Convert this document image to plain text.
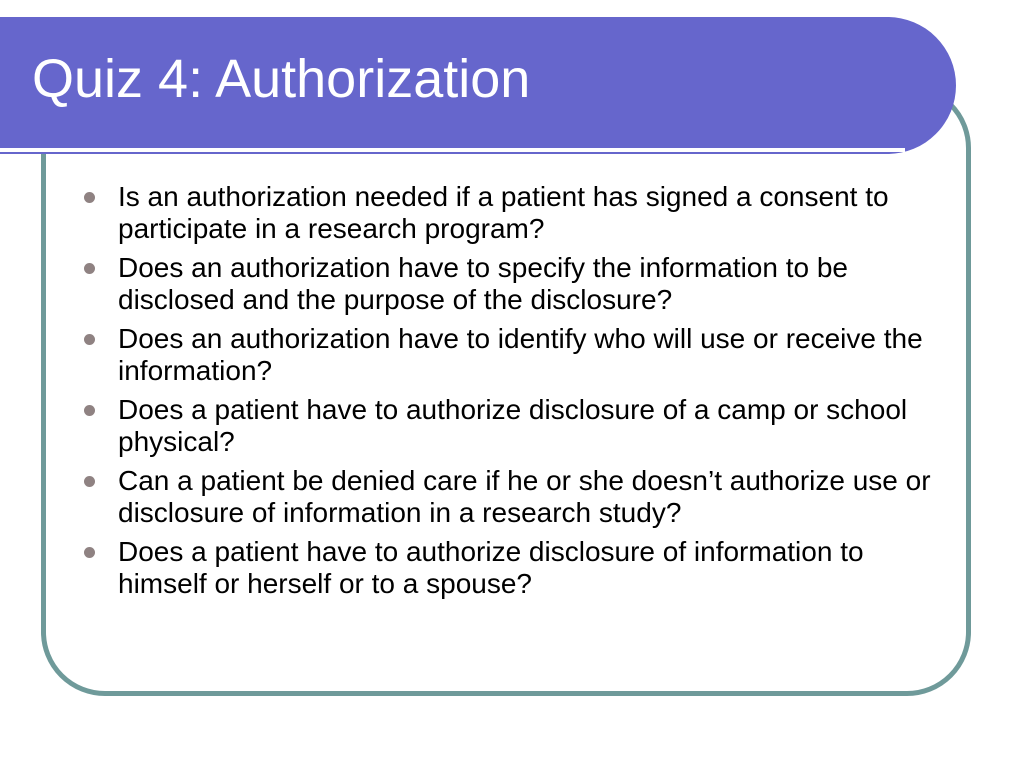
Quiz 4: Authorization
Is an authorization needed if a patient has signed a consent to participate in a research program?
Does an authorization have to specify the information to be disclosed and the purpose of the disclosure?
Does an authorization have to identify who will use or receive the information?
Does a patient have to authorize disclosure of a camp or school physical?
Can a patient be denied care if he or she doesn’t authorize use or disclosure of information in a research study?
Does a patient have to authorize disclosure of information to himself or herself or to a spouse?
